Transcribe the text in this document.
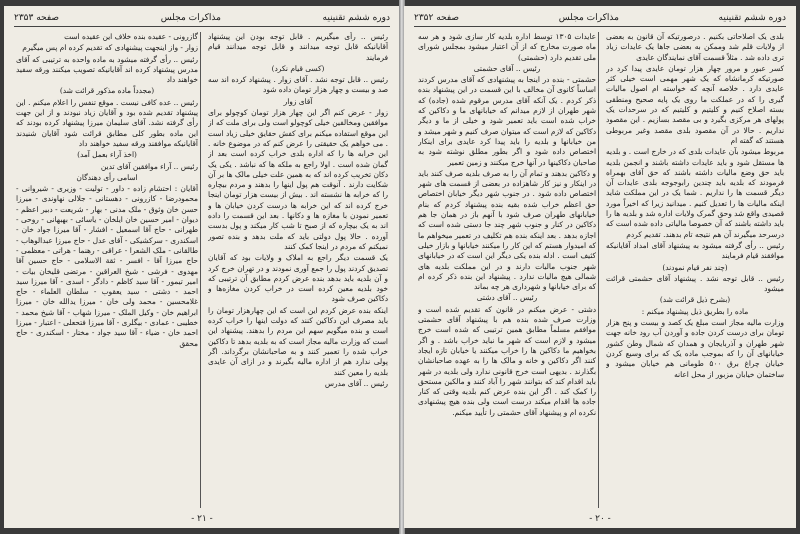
دوره ششم تقنینیه
مذاکرات مجلس
صفحه ۲۳۵۳

رئیس .. رأی میگیریم . قابل توجه بودن این پیشنهاد آقایانیکه قابل توجه میدانند و قابل توجه میدانند قیام فرمایند

(کسی قیام نکرد)

رئیس .. قابل توجه نشد . آقای زوار . پیشنهاد کرده اند سه صد و بیست و چهار هزار تومان داده شود

آقای زوار

زوار - عرض کنم اگر این چهار هزار تومان کوچولو برای موافقین ومخالفین خیلی کوچولو است ولی برای ملت که از این موقع استفاده میکنم برای کفش حقایق خیلی زیاد است . می خواهم یک حقیقتی را عرض کنم که در موضوع خانه . این خرابه ها را که اداره بلدی خراب کرده است بعد از گمان شده است . اولا راجع به ملکه ها که نباشد . یکی یک دکان تخریب کرده اند که به همین علت خیلی مالک ها بر آن شکایت دارند . آنوقت هم پول اینها را بدهند و مردم بیچاره را که خرابه ها نشسته اند . بیش از بیست هزار تومان اینجا خرج کرده اند که این خرابه ها درست کردن خیابان ها و تعمیر نمودن با مغازه ها و دکانها . بعد این قسمت را داده اند به یک بیچاره که از صبح تا شب کار میکند و پول بدست آورده . حالا پول دولتی باید که ملت بدهد و بنده تصور نمیکنم که مردم در اینجا کمک کنند

یک قسمت دیگر راجع به املاک و ولایات بود که آقایان تصدیق کردند پول را جمع آوری نمودند و در تهران خرج کرد و آن بلدیه باید بدهد بنده عرض کردم مطابق آن ترتیبی که خود بلدیه معین کرده است در خراب کردن مغازه‌ها و دکاکین صرف شود

اینکه بنده عرض کردم این است که این چهارهزار تومان را باید مصرف این دکاکین کنند که دولت اینها را خراب کرده است و بنده میگویم سهم این مردم را بدهند. پیشنهاد این است که وزارت مالیه مجاز است که به بلدیه بدهد تا دکاکین خراب شده را تعمیر کنند و به صاحبانشان برگرداند. اگر پولی ندارد هم از اداره مالیه بگیرند و در ازای آن عایدی بلدیه را معین کنند

رئیس .. آقای مدرس

گازرونی - عقیده بنده خلاف این عقیده است

زوار - واز اینجهت پیشنهادی که تقدیم کرده ام پس میگیرم

رئیس .. رأی گرفته میشود به ماده واحده به ترتیبی که آقای مدرس پیشنهاد کرده اند آقایانیکه تصویب میکنند ورقه سفید خواهند داد

(مجدداً ماده مذکور قرائت شد)

رئیس .. عده کافی نیست . موقع تنفس را اعلام میکنم . این پیشنهاد تقدیم شده بود و آقایان زیاد نبودند و از این جهت رأی گرفته نشد. آقای سلیمان میرزا پیشنهاد کرده بودند که این ماده بطور کلی مطابق قرائت شود آقایان شنیدند آقایانیکه موافقند ورقه سفید خواهند داد

(اخذ آراء بعمل آمد)

رئیس .. آراء موافقین آقای تدین

اسامی رأی دهندگان

آقایان : احتشام زاده - داور - تولیت - وزیری - شیروانی - محمودرضا - کازرونی - دهستانی - جلالی نهاوندی - میرزا حسن خان وثوق - ملک مدنی - بهار - شریعت - دبیر اعظم - دیوان - امیر حسین خان ایلخان - یاسائی - بهبهانی - روحی - طهرانی - حاج آقا اسمعیل - افشار - آقا میرزا جواد خان - اسکندری - سرکشیکی - آقای عدل - حاج میرزا عبدالوهاب - طالقانی - ملک الشعرا - عراقی - رهنما - هراتی - معظمی - حاج میرزا آقا - افسر - ثقة الاسلامی - حاج حسین آقا مهدوی - فرشی - شیخ العراقین - مرتضی قلیخان بیات - امیر تیمور - آقا سید کاظم - دادگر - اسدی - آقا میرزا سید احمد - دشتی - سید یعقوب - سلطان العلماء - حاج غلامحسین - محمد ولی خان - میرزا یدالله خان - میرزا ابراهیم خان - وکیل الملک - میرزا شهاب - آقا شیخ محمد - خطیبی - عمادی - بیگلری - آقا میرزا فتحعلی - اعتبار - میرزا احمد خان - ضیاء - آقا سید جواد - مختار - اسکندری - حاج محقق

- ۲۱ -
دوره ششم تقنینیه
مذاکرات مجلس
صفحه ۲۳۵۲

بلدی یک اصلاحاتی بکنیم . درصورتیکه آن قانون به بعضی از ولایات قلم شد وممکن به بعضی جاها یک عایدات زیاد تری داده شد . مثلاً قسمت آقای نمایندگان عایدی

کسر عبور و مرور چهار هزار تومان عایدی پیدا کرد در صورتیکه کرمانشاه که یک شهر مهمی است خیلی کثر عایدی دارد . خلاصه آنچه که خواسته ام اصول مالیات گیری را که در عملکت ما روی یک پایه صحیح ومنطقی بسته اصلاح کنیم و کلیتیم و کلیتیم که در سرحدات یک پولهای هر مرکزی بگیرد و بی مقصد بسازیم . این مقصود نداریم . حالا در آن مقصود بلدی مقصد وغیر مربوطی هستند که گفته ام

مربوط میشود بآن عایدات بلدی که در خارج است . و بلدیه ها مستقل شود و باید عایدات داشته باشند و انجمن بلدیه باید حق وضع مالیات داشته باشند که حق آقای بهمراه فرمودند که بلدیه باید چندین رابوجوجه بلدی عایدات آن دیگر قسمت ها را نداریم . شما یک در این مملکت شاید اینکه مالیات ها را تعدیل کنیم . میدانید زیرا که اخیراً مورد قصیدی واقع شد وحق گمرک ولایات اداره شد و بلدیه ها را باید داشته باشند که آن خصوصا مالیاتی داده شده است که درسرحد میگیرند آن هم نتیجه تام بدهند. تقدیم کردم

رئیس .. رأی گرفته میشود به پیشنهاد آقای امداد آقایانیکه موافقند قیام فرمایند

(چند نفر قیام نمودند)

رئیس .. قابل توجه نشد . پیشنهاد آقای حشمتی قرائت میشود

(بشرح ذیل قرائت شد)

ماده را بطریق ذیل پیشنهاد میکنم :

وزارت مالیه مجاز است مبلغ یک کصد و بیست و پنج هزار تومان برای درست کردن جاده و آوردن آب رود خانه جهت شهر طهران و آذربایجان و همدان که شمال وطن کشور خیابانهای آن را که بموجب ماده یک که برای وسیع کردن خیابان چراغ برق ۵۰۰ طومانی هم خیابان میشود و ساختمان خیابان مزبور از محل اعانه

عایدات ۱۳۰۵ توسط اداره بلدیه کار سازی شود و هر سه ماه صورت مخارج که از آن اعتبار میشود بمجلس شورای ملی تقدیم دارد (حشمتی)

رئیس .. آقای حشمتی

حشمتی - بنده در اینجا به پیشنهادی که آقای مدرس کردند اساساً کانوی آن مخالف با این قسمت در این پیشنهاد بنده ذکر کردم . یک آنکه آقای مدرس مرقوم شده (جاده) که شهر طهران از لازم میدانم که خیابانهای ما و دکاکین که خراب شده است باید تعمیر شود و خیلی از ما و دیگر دکاکین که لازم است که میتوان صرف کنیم و شهر میشد و من خیابانها و بلدیه را باید پیدا کرد عایدی برای اینکار اختصاص داده شود و اگر بطور مطلق نوشته شود به صاحبان دکاکینها در آنها خرج میکنند و زمین تعمیر

و دکاکین بدهند و تمام آن را به صرف بلدیه صرف کنند باید در اینکار و نیز کار شاهزاده در بعضی از قسمت های شهر اختصاص داده شود . در جنوب شهر دیگر خیابان اختصاص حق اعظم خراب شده بقیه بنده پیشنهاد کردم که بنام خیابانهای طهران صرف شود با آنهم باز در همان جا هم دکاکین در کنار و جنوب شهر چند جا دستی شده است که اجازه بدهد . بعد اینکه بنده هم تکلیف در تعمیر میخواهم ما که امیدوار هستم که این کار را میکنند خیابانها و بازار خیلی کثیف است . ادله بنده یکی دیگر این است که در خیابانهای شهر جنوب مالیات دارند و در این مملکت بلدیه های شمالی هیچ مالیات ندارد . پیشنهاد این بنده ذکر کرده ام که برای خیابانها و شهرداری هر چه بماند

رئیس .. آقای دشتی

دشتی - عرض میکنم در قانون که تقدیم شده است و وزارت صرف شده بنده هم با پیشنهاد آقای حشمتی موافقم مسلماً مطابق همین ترتیبی که شده است خرج میشود و لازم است که شهر ما نباید خراب باشد . و اگر بخواهیم ما دکاکین ها را خراب میکنند یا خیابان تازه ایجاد کنند اگر دکاکین و خانه و مالک ها را به عهده صاحبانشان بگذارند . بدیهی است خرج قانونی ندارد ولی بلدیه در شهر باید اقدام کند که بتوانند شهر را آباد کنند و مالکین مستحق را کمک کند . اگر این بنده عرض کنم بلدیه وقتی که کنار جاده ها اقدام میکند درست است ولی بنده هیچ پیشنهادی نکرده ام و پیشنهاد آقای حشمتی را تأیید میکنم.

- ۲۰ -
